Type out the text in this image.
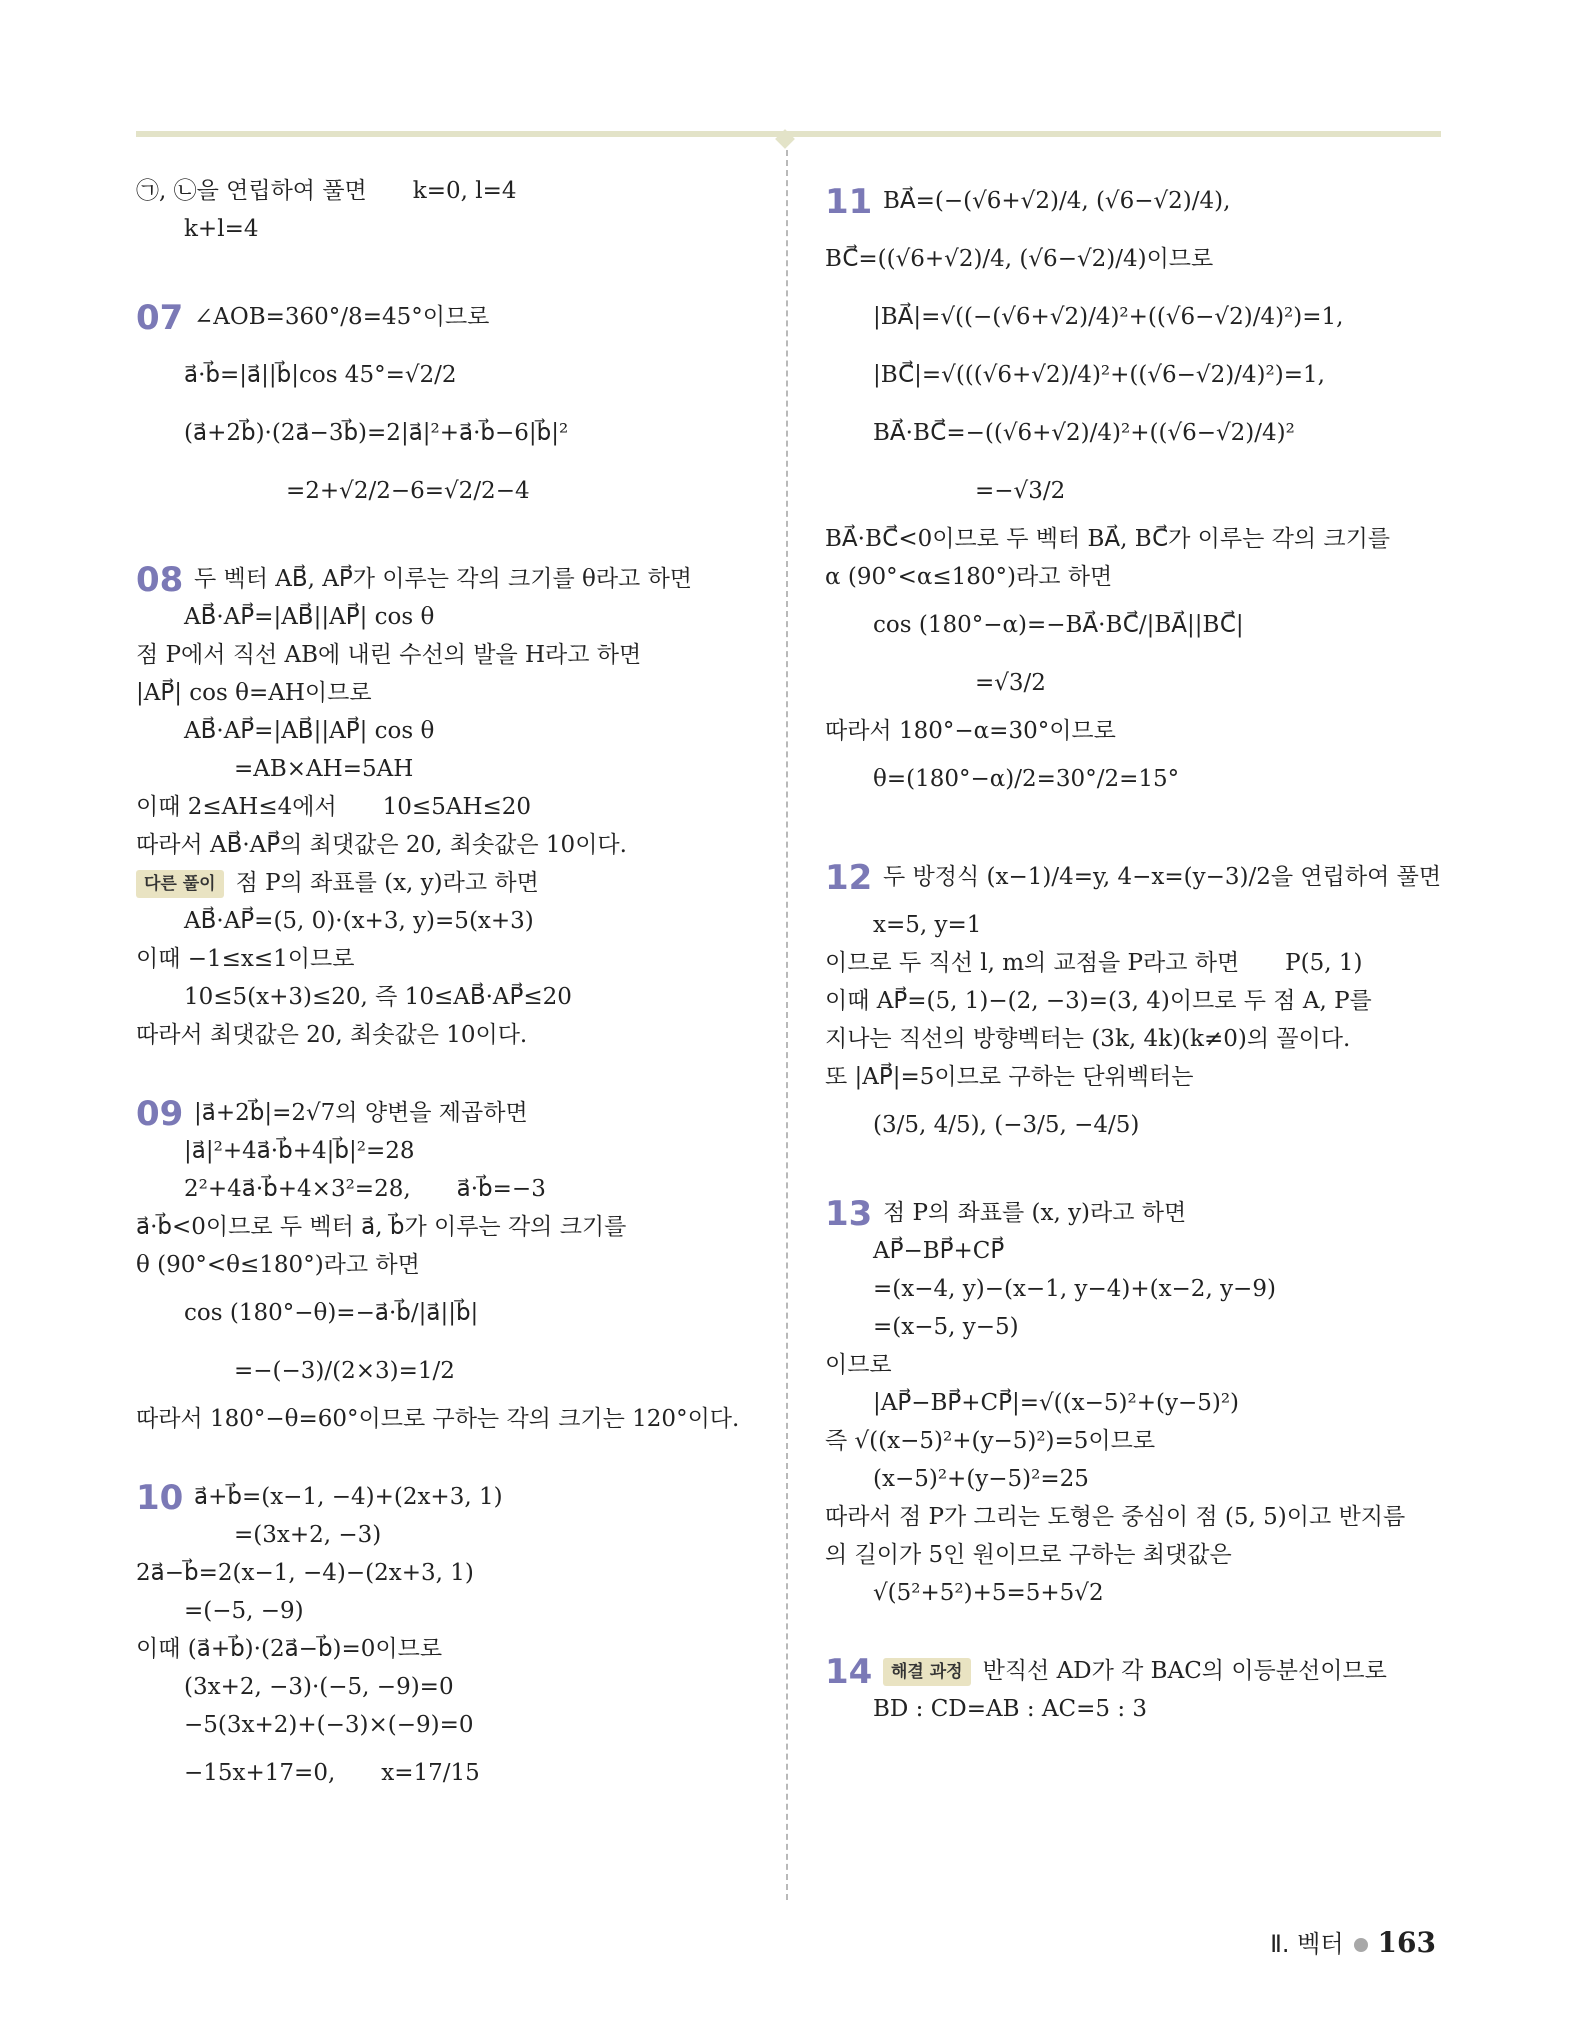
㉠, ㉡을 연립하여 풀면　　k=0, l=4
k+l=4
07 ∠AOB=360°/8=45°이므로
a⃗·b⃗=|a⃗||b⃗|cos 45°=√2/2
(a⃗+2b⃗)·(2a⃗−3b⃗)=2|a⃗|²+a⃗·b⃗−6|b⃗|²
=2+√2/2−6=√2/2−4
08 두 벡터 AB⃗, AP⃗가 이루는 각의 크기를 θ라고 하면
AB⃗·AP⃗=|AB⃗||AP⃗| cos θ
점 P에서 직선 AB에 내린 수선의 발을 H라고 하면
|AP⃗| cos θ=AH이므로
AB⃗·AP⃗=|AB⃗||AP⃗| cos θ
=AB×AH=5AH
이때 2≤AH≤4에서　　10≤5AH≤20
따라서 AB⃗·AP⃗의 최댓값은 20, 최솟값은 10이다.
다른 풀이 점 P의 좌표를 (x, y)라고 하면
AB⃗·AP⃗=(5, 0)·(x+3, y)=5(x+3)
이때 −1≤x≤1이므로
10≤5(x+3)≤20, 즉 10≤AB⃗·AP⃗≤20
따라서 최댓값은 20, 최솟값은 10이다.
09 |a⃗+2b⃗|=2√7의 양변을 제곱하면
|a⃗|²+4a⃗·b⃗+4|b⃗|²=28
2²+4a⃗·b⃗+4×3²=28,　　a⃗·b⃗=−3
a⃗·b⃗<0이므로 두 벡터 a⃗, b⃗가 이루는 각의 크기를
θ (90°<θ≤180°)라고 하면
cos (180°−θ)=−a⃗·b⃗/|a⃗||b⃗|
=−(−3)/(2×3)=1/2
따라서 180°−θ=60°이므로 구하는 각의 크기는 120°이다.
10 a⃗+b⃗=(x−1, −4)+(2x+3, 1)
=(3x+2, −3)
2a⃗−b⃗=2(x−1, −4)−(2x+3, 1)
=(−5, −9)
이때 (a⃗+b⃗)·(2a⃗−b⃗)=0이므로
(3x+2, −3)·(−5, −9)=0
−5(3x+2)+(−3)×(−9)=0
−15x+17=0,　　x=17/15
11 BA⃗=(−(√6+√2)/4, (√6−√2)/4),
BC⃗=((√6+√2)/4, (√6−√2)/4)이므로
|BA⃗|=√((−(√6+√2)/4)²+((√6−√2)/4)²)=1,
|BC⃗|=√(((√6+√2)/4)²+((√6−√2)/4)²)=1,
BA⃗·BC⃗=−((√6+√2)/4)²+((√6−√2)/4)²
=−√3/2
BA⃗·BC⃗<0이므로 두 벡터 BA⃗, BC⃗가 이루는 각의 크기를
α (90°<α≤180°)라고 하면
cos (180°−α)=−BA⃗·BC⃗/|BA⃗||BC⃗|
=√3/2
따라서 180°−α=30°이므로
θ=(180°−α)/2=30°/2=15°
12 두 방정식 (x−1)/4=y, 4−x=(y−3)/2을 연립하여 풀면
x=5, y=1
이므로 두 직선 l, m의 교점을 P라고 하면　　P(5, 1)
이때 AP⃗=(5, 1)−(2, −3)=(3, 4)이므로 두 점 A, P를
지나는 직선의 방향벡터는 (3k, 4k)(k≠0)의 꼴이다.
또 |AP⃗|=5이므로 구하는 단위벡터는
(3/5, 4/5), (−3/5, −4/5)
13 점 P의 좌표를 (x, y)라고 하면
AP⃗−BP⃗+CP⃗
=(x−4, y)−(x−1, y−4)+(x−2, y−9)
=(x−5, y−5)
이므로
|AP⃗−BP⃗+CP⃗|=√((x−5)²+(y−5)²)
즉 √((x−5)²+(y−5)²)=5이므로
(x−5)²+(y−5)²=25
따라서 점 P가 그리는 도형은 중심이 점 (5, 5)이고 반지름
의 길이가 5인 원이므로 구하는 최댓값은
√(5²+5²)+5=5+5√2
14 해결 과정 반직선 AD가 각 BAC의 이등분선이므로
BD : CD=AB : AC=5 : 3
Ⅱ. 벡터 163
